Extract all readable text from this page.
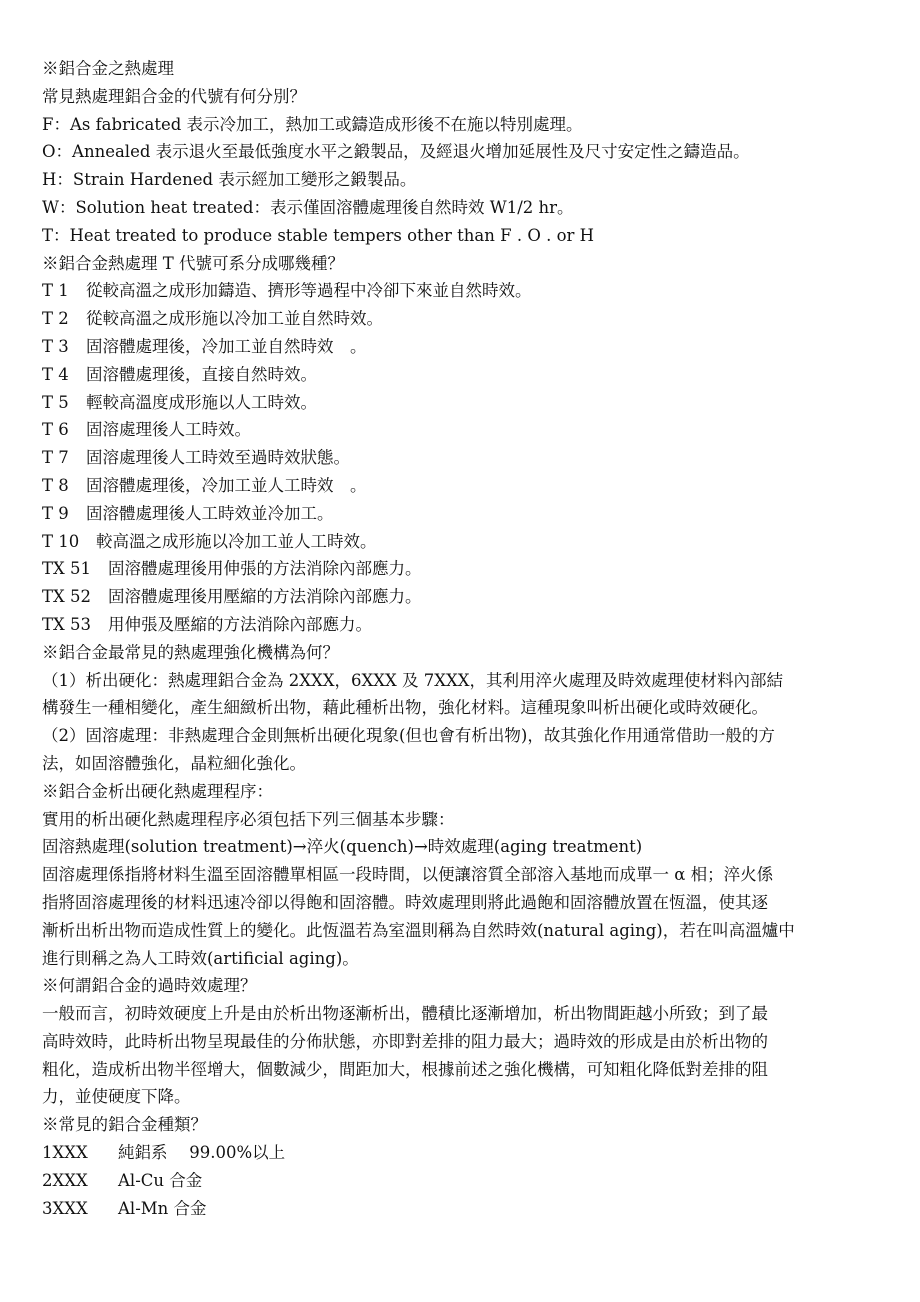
※鋁合金之熱處理
常見熱處理鋁合金的代號有何分別？
F：As fabricated 表示冷加工，熱加工或鑄造成形後不在施以特別處理。
O：Annealed 表示退火至最低強度水平之鍛製品，及經退火增加延展性及尺寸安定性之鑄造品。
H：Strain Hardened 表示經加工變形之鍛製品。
W：Solution heat treated：表示僅固溶體處理後自然時效 W1/2 hr。
T：Heat treated to produce stable tempers other than F . O . or H
※鋁合金熱處理 T 代號可系分成哪幾種？
T 1 從較高溫之成形加鑄造、擠形等過程中冷卻下來並自然時效。
T 2 從較高溫之成形施以冷加工並自然時效。
T 3 固溶體處理後，冷加工並自然時效　。
T 4 固溶體處理後，直接自然時效。
T 5 輕較高溫度成形施以人工時效。
T 6 固溶處理後人工時效。
T 7 固溶處理後人工時效至過時效狀態。
T 8 固溶體處理後，冷加工並人工時效　。
T 9 固溶體處理後人工時效並冷加工。
T 10 較高溫之成形施以冷加工並人工時效。
TX 51 固溶體處理後用伸張的方法消除內部應力。
TX 52 固溶體處理後用壓縮的方法消除內部應力。
TX 53 用伸張及壓縮的方法消除內部應力。
※鋁合金最常見的熱處理強化機構為何？
（1）析出硬化：熱處理鋁合金為 2XXX，6XXX 及 7XXX，其利用淬火處理及時效處理使材料內部結
構發生一種相變化，產生細緻析出物，藉此種析出物，強化材料。這種現象叫析出硬化或時效硬化。
（2）固溶處理：非熱處理合金則無析出硬化現象(但也會有析出物)，故其強化作用通常借助一般的方
法，如固溶體強化，晶粒細化強化。
※鋁合金析出硬化熱處理程序：
實用的析出硬化熱處理程序必須包括下列三個基本步驟：
固溶熱處理(solution treatment)→淬火(quench)→時效處理(aging treatment)
固溶處理係指將材料生溫至固溶體單相區一段時間，以便讓溶質全部溶入基地而成單一 α 相；淬火係
指將固溶處理後的材料迅速冷卻以得飽和固溶體。時效處理則將此過飽和固溶體放置在恆溫，使其逐
漸析出析出物而造成性質上的變化。此恆溫若為室溫則稱為自然時效(natural aging)，若在叫高溫爐中
進行則稱之為人工時效(artificial aging)。
※何謂鋁合金的過時效處理？
一般而言，初時效硬度上升是由於析出物逐漸析出，體積比逐漸增加，析出物間距越小所致；到了最
高時效時，此時析出物呈現最佳的分佈狀態，亦即對差排的阻力最大；過時效的形成是由於析出物的
粗化，造成析出物半徑增大，個數減少，間距加大，根據前述之強化機構，可知粗化降低對差排的阻
力，並使硬度下降。
※常見的鋁合金種類？
1XXX 純鋁系　 99.00%以上
2XXX Al-Cu 合金
3XXX Al-Mn 合金
